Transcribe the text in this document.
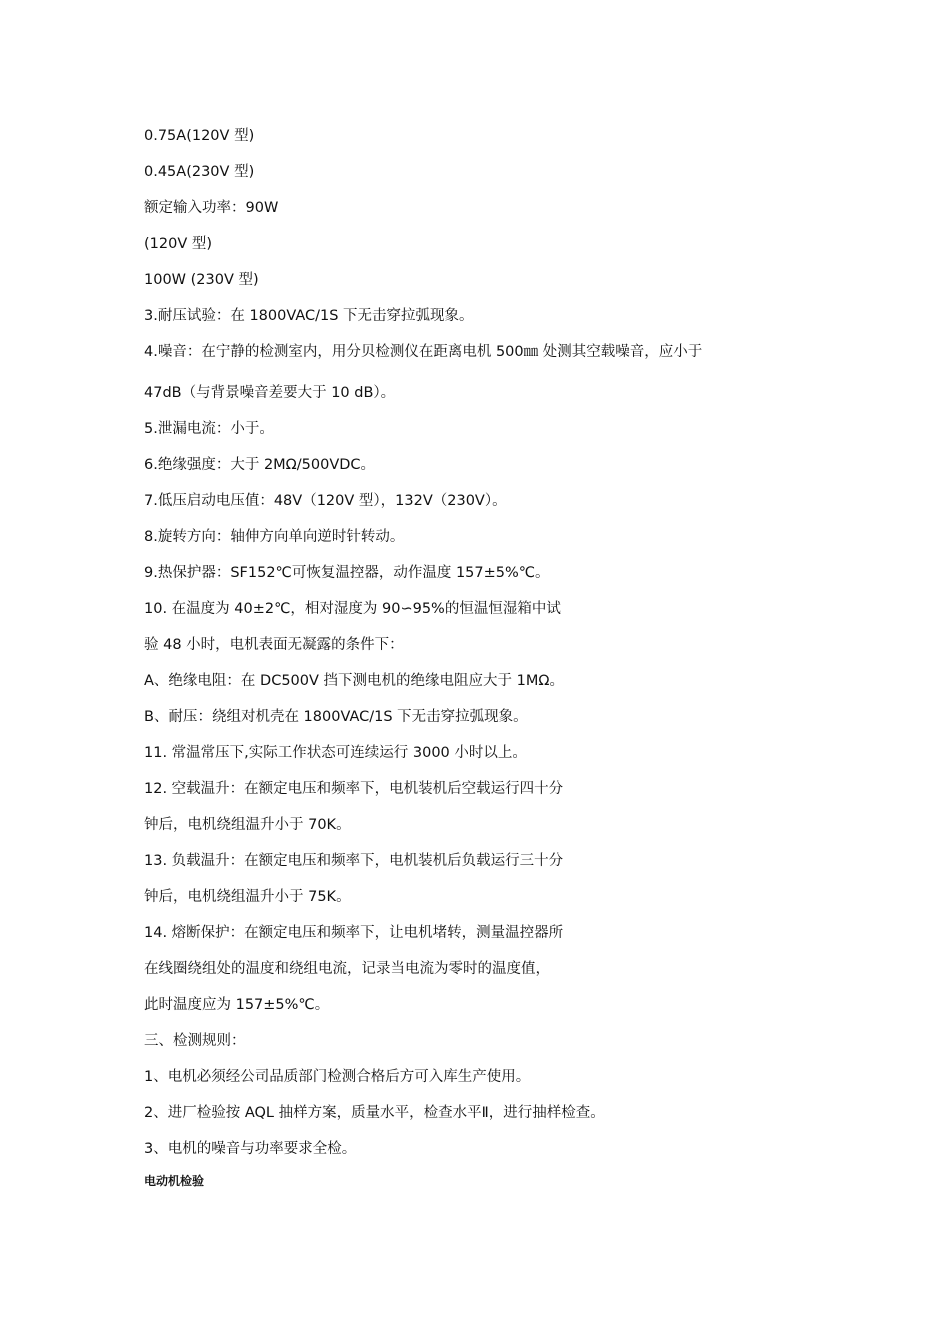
0.75A(120V 型)
0.45A(230V 型)
额定输入功率：90W
(120V 型)
100W (230V 型)
3.耐压试验：在 1800VAC/1S 下无击穿拉弧现象。
4.噪音：在宁静的检测室内，用分贝检测仪在距离电机 500㎜ 处测其空载噪音，应小于
47dB（与背景噪音差要大于 10 dB）。
5.泄漏电流：小于。
6.绝缘强度：大于 2MΩ/500VDC。
7.低压启动电压值：48V（120V 型），132V（230V）。
8.旋转方向：轴伸方向单向逆时针转动。
9.热保护器：SF152℃可恢复温控器，动作温度 157±5%℃。
10. 在温度为 40±2℃，相对湿度为 90∽95%的恒温恒湿箱中试
验 48 小时，电机表面无凝露的条件下：
A、绝缘电阻：在 DC500V 挡下测电机的绝缘电阻应大于 1MΩ。
B、耐压：绕组对机壳在 1800VAC/1S 下无击穿拉弧现象。
11. 常温常压下,实际工作状态可连续运行 3000 小时以上。
12. 空载温升：在额定电压和频率下，电机装机后空载运行四十分
钟后，电机绕组温升小于 70K。
13. 负载温升：在额定电压和频率下，电机装机后负载运行三十分
钟后，电机绕组温升小于 75K。
14. 熔断保护：在额定电压和频率下，让电机堵转，测量温控器所
在线圈绕组处的温度和绕组电流，记录当电流为零时的温度值，
此时温度应为 157±5%℃。
三、检测规则：
1、电机必须经公司品质部门检测合格后方可入库生产使用。
2、进厂检验按 AQL 抽样方案，质量水平，检查水平Ⅱ，进行抽样检查。
3、电机的噪音与功率要求全检。
电动机检验
